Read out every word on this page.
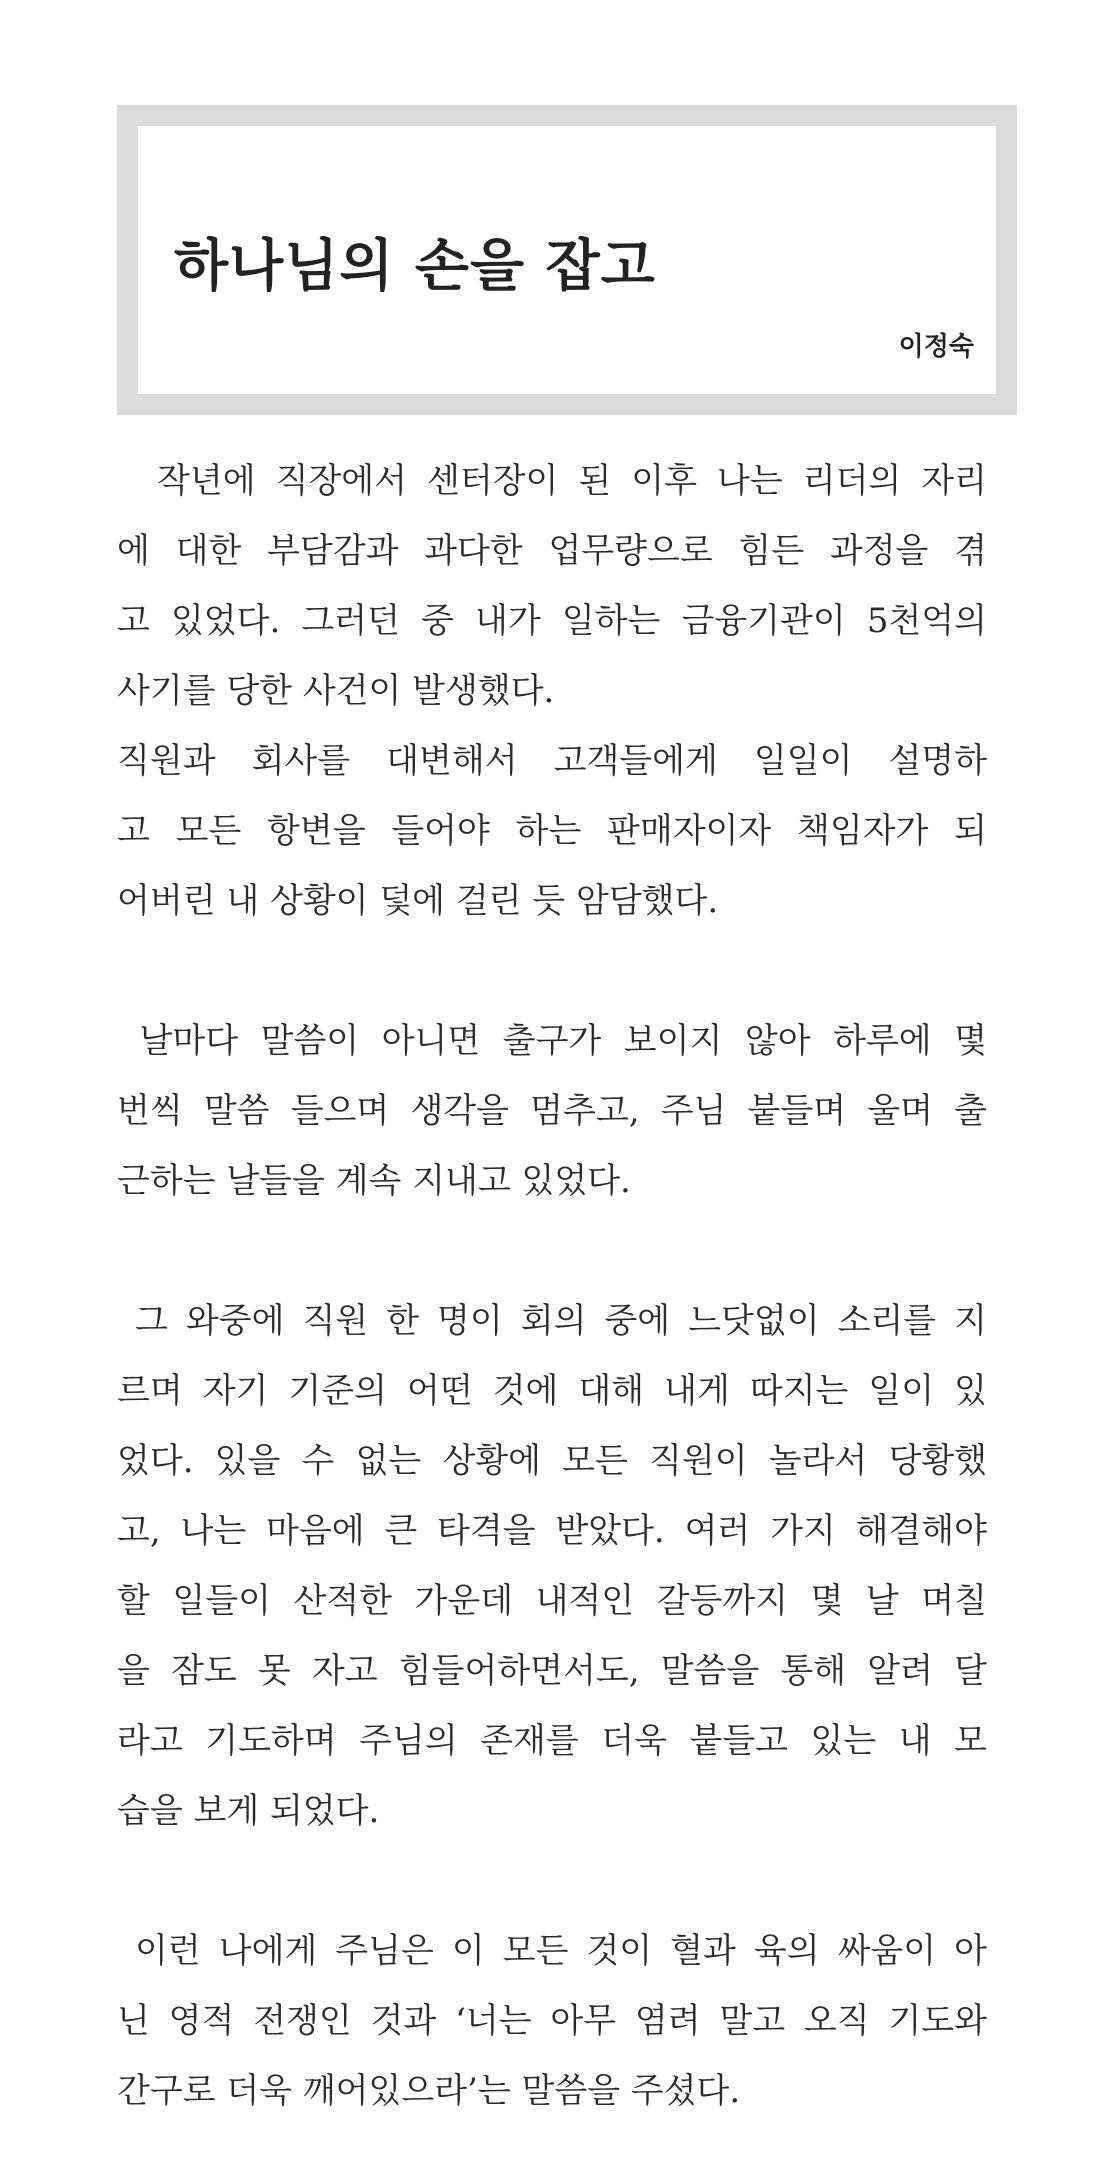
하나님의 손을 잡고
이정숙
작년에 직장에서 센터장이 된 이후 나는 리더의 자리
에 대한 부담감과 과다한 업무량으로 힘든 과정을 겪
고 있었다. 그러던 중 내가 일하는 금융기관이 5천억의
사기를 당한 사건이 발생했다.
직원과 회사를 대변해서 고객들에게 일일이 설명하
고 모든 항변을 들어야 하는 판매자이자 책임자가 되
어버린 내 상황이 덫에 걸린 듯 암담했다.
날마다 말씀이 아니면 출구가 보이지 않아 하루에 몇
번씩 말씀 들으며 생각을 멈추고, 주님 붙들며 울며 출
근하는 날들을 계속 지내고 있었다.
그 와중에 직원 한 명이 회의 중에 느닷없이 소리를 지
르며 자기 기준의 어떤 것에 대해 내게 따지는 일이 있
었다. 있을 수 없는 상황에 모든 직원이 놀라서 당황했
고, 나는 마음에 큰 타격을 받았다. 여러 가지 해결해야
할 일들이 산적한 가운데 내적인 갈등까지 몇 날 며칠
을 잠도 못 자고 힘들어하면서도, 말씀을 통해 알려 달
라고 기도하며 주님의 존재를 더욱 붙들고 있는 내 모
습을 보게 되었다.
이런 나에게 주님은 이 모든 것이 혈과 육의 싸움이 아
닌 영적 전쟁인 것과 ‘너는 아무 염려 말고 오직 기도와
간구로 더욱 깨어있으라’는 말씀을 주셨다.
